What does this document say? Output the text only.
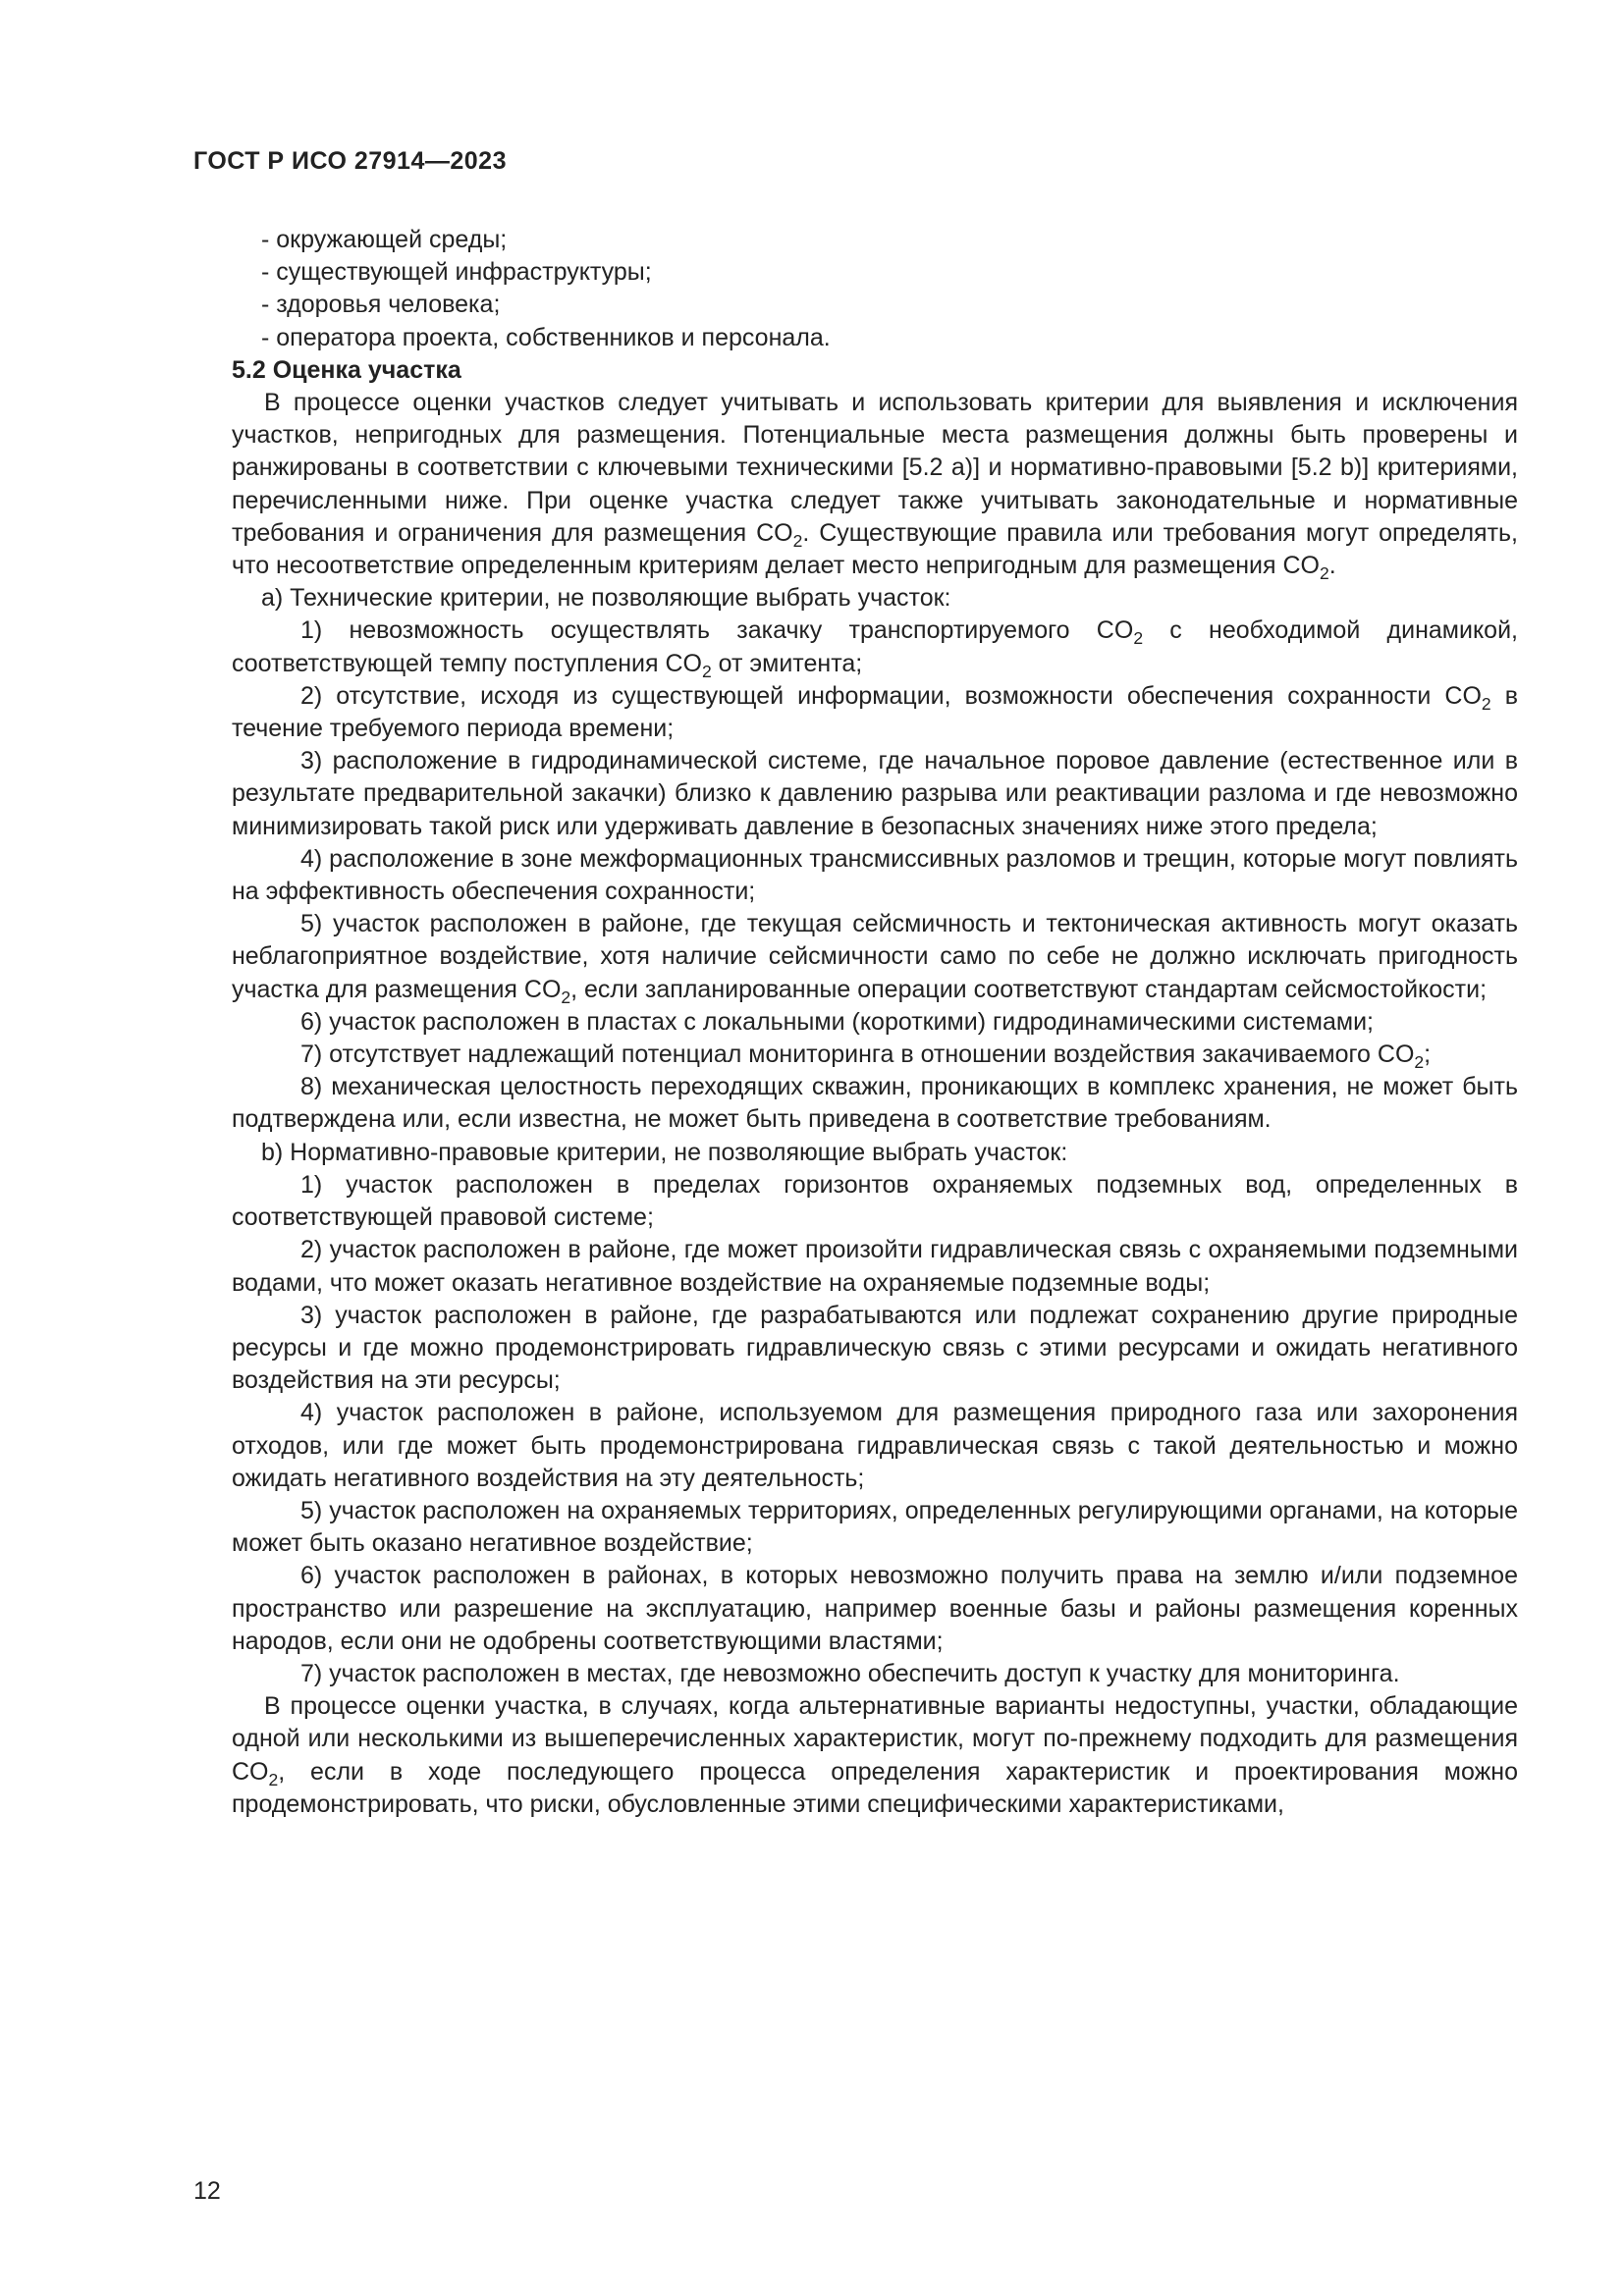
ГОСТ Р ИСО 27914—2023
- окружающей среды;
- существующей инфраструктуры;
- здоровья человека;
- оператора проекта, собственников и персонала.

5.2 Оценка участка

В процессе оценки участков следует учитывать и использовать критерии для выявления и исключения участков, непригодных для размещения. Потенциальные места размещения должны быть проверены и ранжированы в соответствии с ключевыми техническими [5.2 а)] и нормативно-правовыми [5.2 b)] критериями, перечисленными ниже. При оценке участка следует также учитывать законодательные и нормативные требования и ограничения для размещения $CO_2$. Существующие правила или требования могут определять, что несоответствие определенным критериям делает место непригодным для размещения $CO_2$.

a) Технические критерии, не позволяющие выбрать участок:

1) невозможность осуществлять закачку транспортируемого $CO_2$ с необходимой динамикой, соответствующей темпу поступления $CO_2$ от эмитента;

2) отсутствие, исходя из существующей информации, возможности обеспечения сохранности $CO_2$ в течение требуемого периода времени;

3) расположение в гидродинамической системе, где начальное поровое давление (естественное или в результате предварительной закачки) близко к давлению разрыва или реактивации разлома и где невозможно минимизировать такой риск или удерживать давление в безопасных значениях ниже этого предела;

4) расположение в зоне межформационных трансмиссивных разломов и трещин, которые могут повлиять на эффективность обеспечения сохранности;

5) участок расположен в районе, где текущая сейсмичность и тектоническая активность могут оказать неблагоприятное воздействие, хотя наличие сейсмичности само по себе не должно исключать пригодность участка для размещения $CO_2$, если запланированные операции соответствуют стандартам сейсмостойкости;

6) участок расположен в пластах с локальными (короткими) гидродинамическими системами;

7) отсутствует надлежащий потенциал мониторинга в отношении воздействия закачиваемого $CO_2$;

8) механическая целостность переходящих скважин, проникающих в комплекс хранения, не может быть подтверждена или, если известна, не может быть приведена в соответствие требованиям.

b) Нормативно-правовые критерии, не позволяющие выбрать участок:

1) участок расположен в пределах горизонтов охраняемых подземных вод, определенных в соответствующей правовой системе;

2) участок расположен в районе, где может произойти гидравлическая связь с охраняемыми подземными водами, что может оказать негативное воздействие на охраняемые подземные воды;

3) участок расположен в районе, где разрабатываются или подлежат сохранению другие природные ресурсы и где можно продемонстрировать гидравлическую связь с этими ресурсами и ожидать негативного воздействия на эти ресурсы;

4) участок расположен в районе, используемом для размещения природного газа или захоронения отходов, или где может быть продемонстрирована гидравлическая связь с такой деятельностью и можно ожидать негативного воздействия на эту деятельность;

5) участок расположен на охраняемых территориях, определенных регулирующими органами, на которые может быть оказано негативное воздействие;

6) участок расположен в районах, в которых невозможно получить права на землю и/или подземное пространство или разрешение на эксплуатацию, например военные базы и районы размещения коренных народов, если они не одобрены соответствующими властями;

7) участок расположен в местах, где невозможно обеспечить доступ к участку для мониторинга.

В процессе оценки участка, в случаях, когда альтернативные варианты недоступны, участки, обладающие одной или несколькими из вышеперечисленных характеристик, могут по-прежнему подходить для размещения $CO_2$, если в ходе последующего процесса определения характеристик и проектирования можно продемонстрировать, что риски, обусловленные этими специфическими характеристиками,

12
